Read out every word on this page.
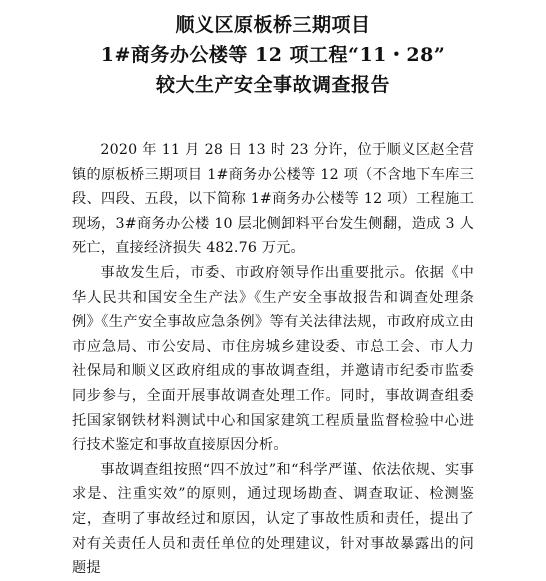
顺义区原板桥三期项目
1#商务办公楼等 12 项工程“11・28”
较大生产安全事故调查报告

2020 年 11 月 28 日 13 时 23 分许，位于顺义区赵全营镇的原板桥三期项目 1#商务办公楼等 12 项（不含地下车库三段、四段、五段，以下简称 1#商务办公楼等 12 项）工程施工现场，3#商务办公楼 10 层北侧卸料平台发生侧翻，造成 3 人死亡，直接经济损失 482.76 万元。

事故发生后，市委、市政府领导作出重要批示。依据《中华人民共和国安全生产法》《生产安全事故报告和调查处理条例》《生产安全事故应急条例》等有关法律法规，市政府成立由市应急局、市公安局、市住房城乡建设委、市总工会、市人力社保局和顺义区政府组成的事故调查组，并邀请市纪委市监委同步参与，全面开展事故调查处理工作。同时，事故调查组委托国家钢铁材料测试中心和国家建筑工程质量监督检验中心进行技术鉴定和事故直接原因分析。

事故调查组按照“四不放过”和“科学严谨、依法依规、实事求是、注重实效”的原则，通过现场勘查、调查取证、检测鉴定，查明了事故经过和原因，认定了事故性质和责任，提出了对有关责任人员和责任单位的处理建议，针对事故暴露出的问题提
